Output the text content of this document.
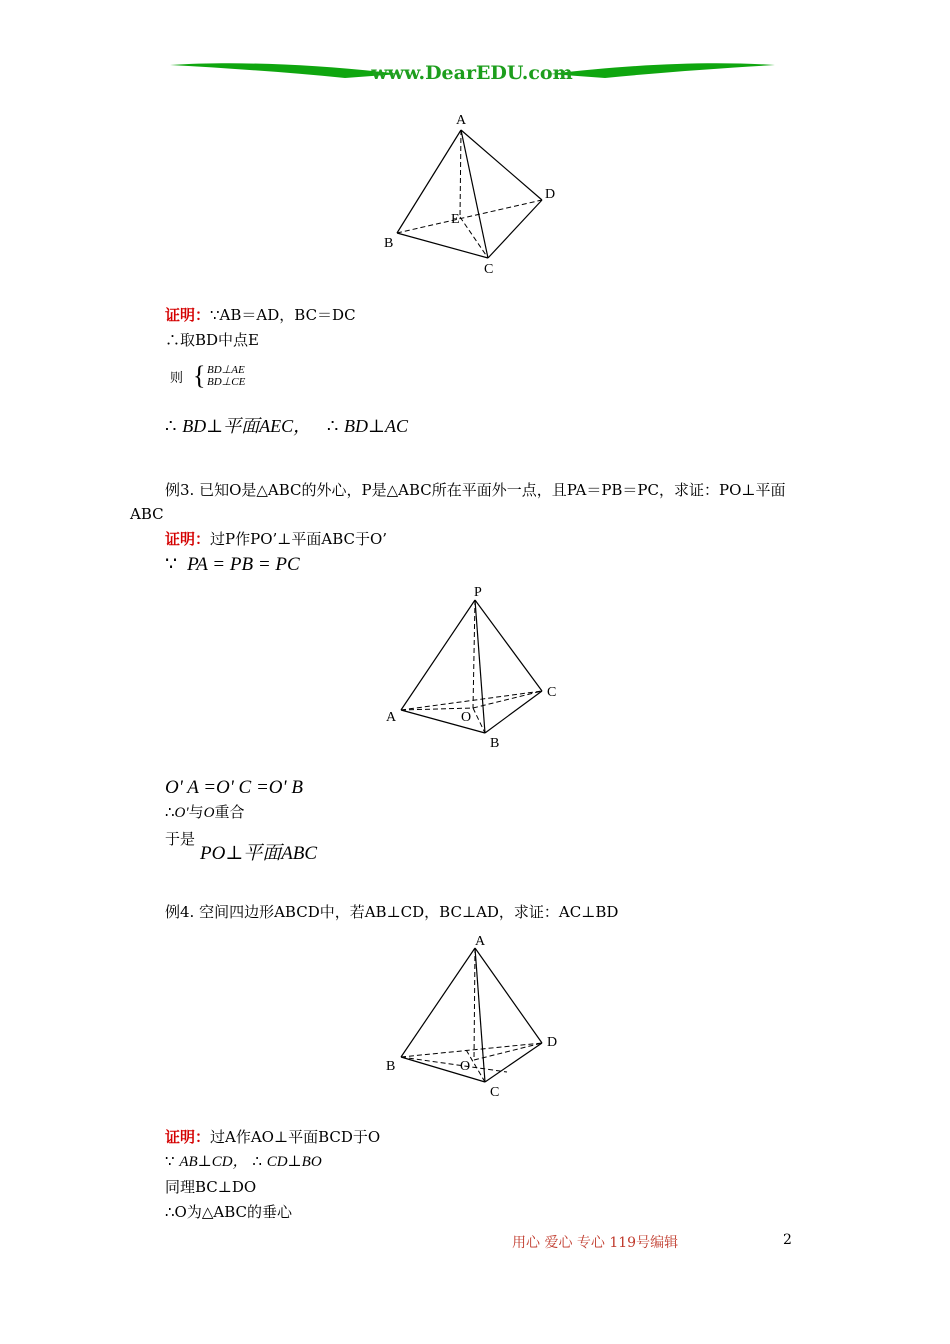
www.DearEDU.com
A
B
C
D
E
证明：∵AB＝AD，BC＝DC
∴取BD中点E
则 { BD⊥AE
BD⊥CE
∴ BD⊥平面AEC， ∴ BD⊥AC
例3. 已知O是△ABC的外心，P是△ABC所在平面外一点，且PA＝PB＝PC，求证：PO⊥平面
ABC
证明：过P作PO’⊥平面ABC于O’
∵ PA = PB = PC
P
A
B
C
O
O' A =O' C =O' B
∴O'与O重合
于是
PO⊥平面ABC
例4. 空间四边形ABCD中，若AB⊥CD，BC⊥AD，求证：AC⊥BD
A
B
C
D
O
证明：过A作AO⊥平面BCD于O
∵ AB⊥CD， ∴ CD⊥BO
同理BC⊥DO
∴O为△ABC的垂心
用心 爱心 专心 119号编辑	2
